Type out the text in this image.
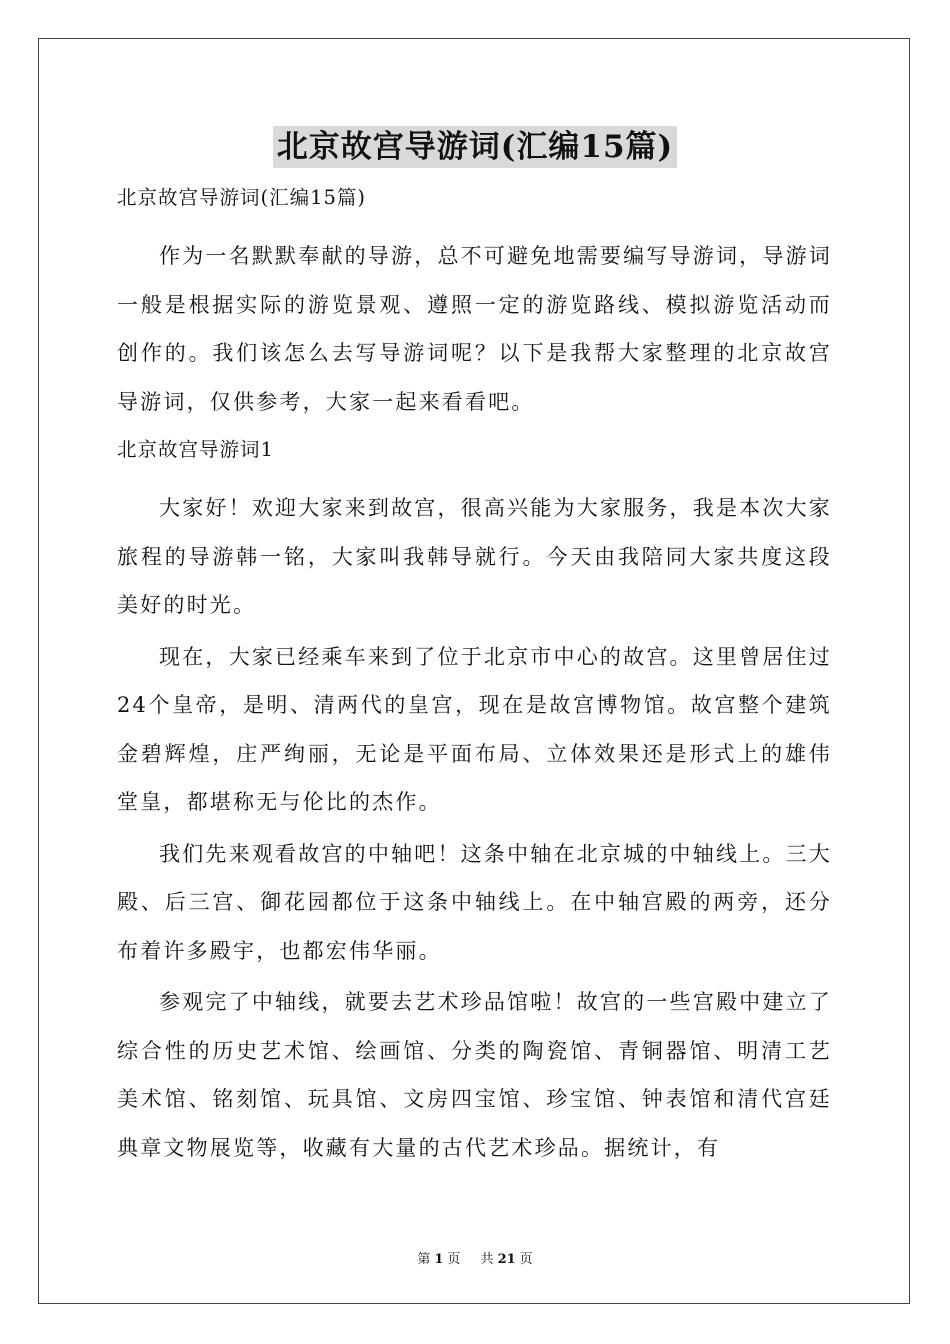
北京故宫导游词(汇编15篇)

北京故宫导游词(汇编15篇)

作为一名默默奉献的导游，总不可避免地需要编写导游词，导游词一般是根据实际的游览景观、遵照一定的游览路线、模拟游览活动而创作的。我们该怎么去写导游词呢？以下是我帮大家整理的北京故宫导游词，仅供参考，大家一起来看看吧。

北京故宫导游词1

大家好！欢迎大家来到故宫，很高兴能为大家服务，我是本次大家旅程的导游韩一铭，大家叫我韩导就行。今天由我陪同大家共度这段美好的时光。

现在，大家已经乘车来到了位于北京市中心的故宫。这里曾居住过24个皇帝，是明、清两代的皇宫，现在是故宫博物馆。故宫整个建筑金碧辉煌，庄严绚丽，无论是平面布局、立体效果还是形式上的雄伟堂皇，都堪称无与伦比的杰作。

我们先来观看故宫的中轴吧！这条中轴在北京城的中轴线上。三大殿、后三宫、御花园都位于这条中轴线上。在中轴宫殿的两旁，还分布着许多殿宇，也都宏伟华丽。

参观完了中轴线，就要去艺术珍品馆啦！故宫的一些宫殿中建立了综合性的历史艺术馆、绘画馆、分类的陶瓷馆、青铜器馆、明清工艺美术馆、铭刻馆、玩具馆、文房四宝馆、珍宝馆、钟表馆和清代宫廷典章文物展览等，收藏有大量的古代艺术珍品。据统计，有

第 1 页 共 21 页
